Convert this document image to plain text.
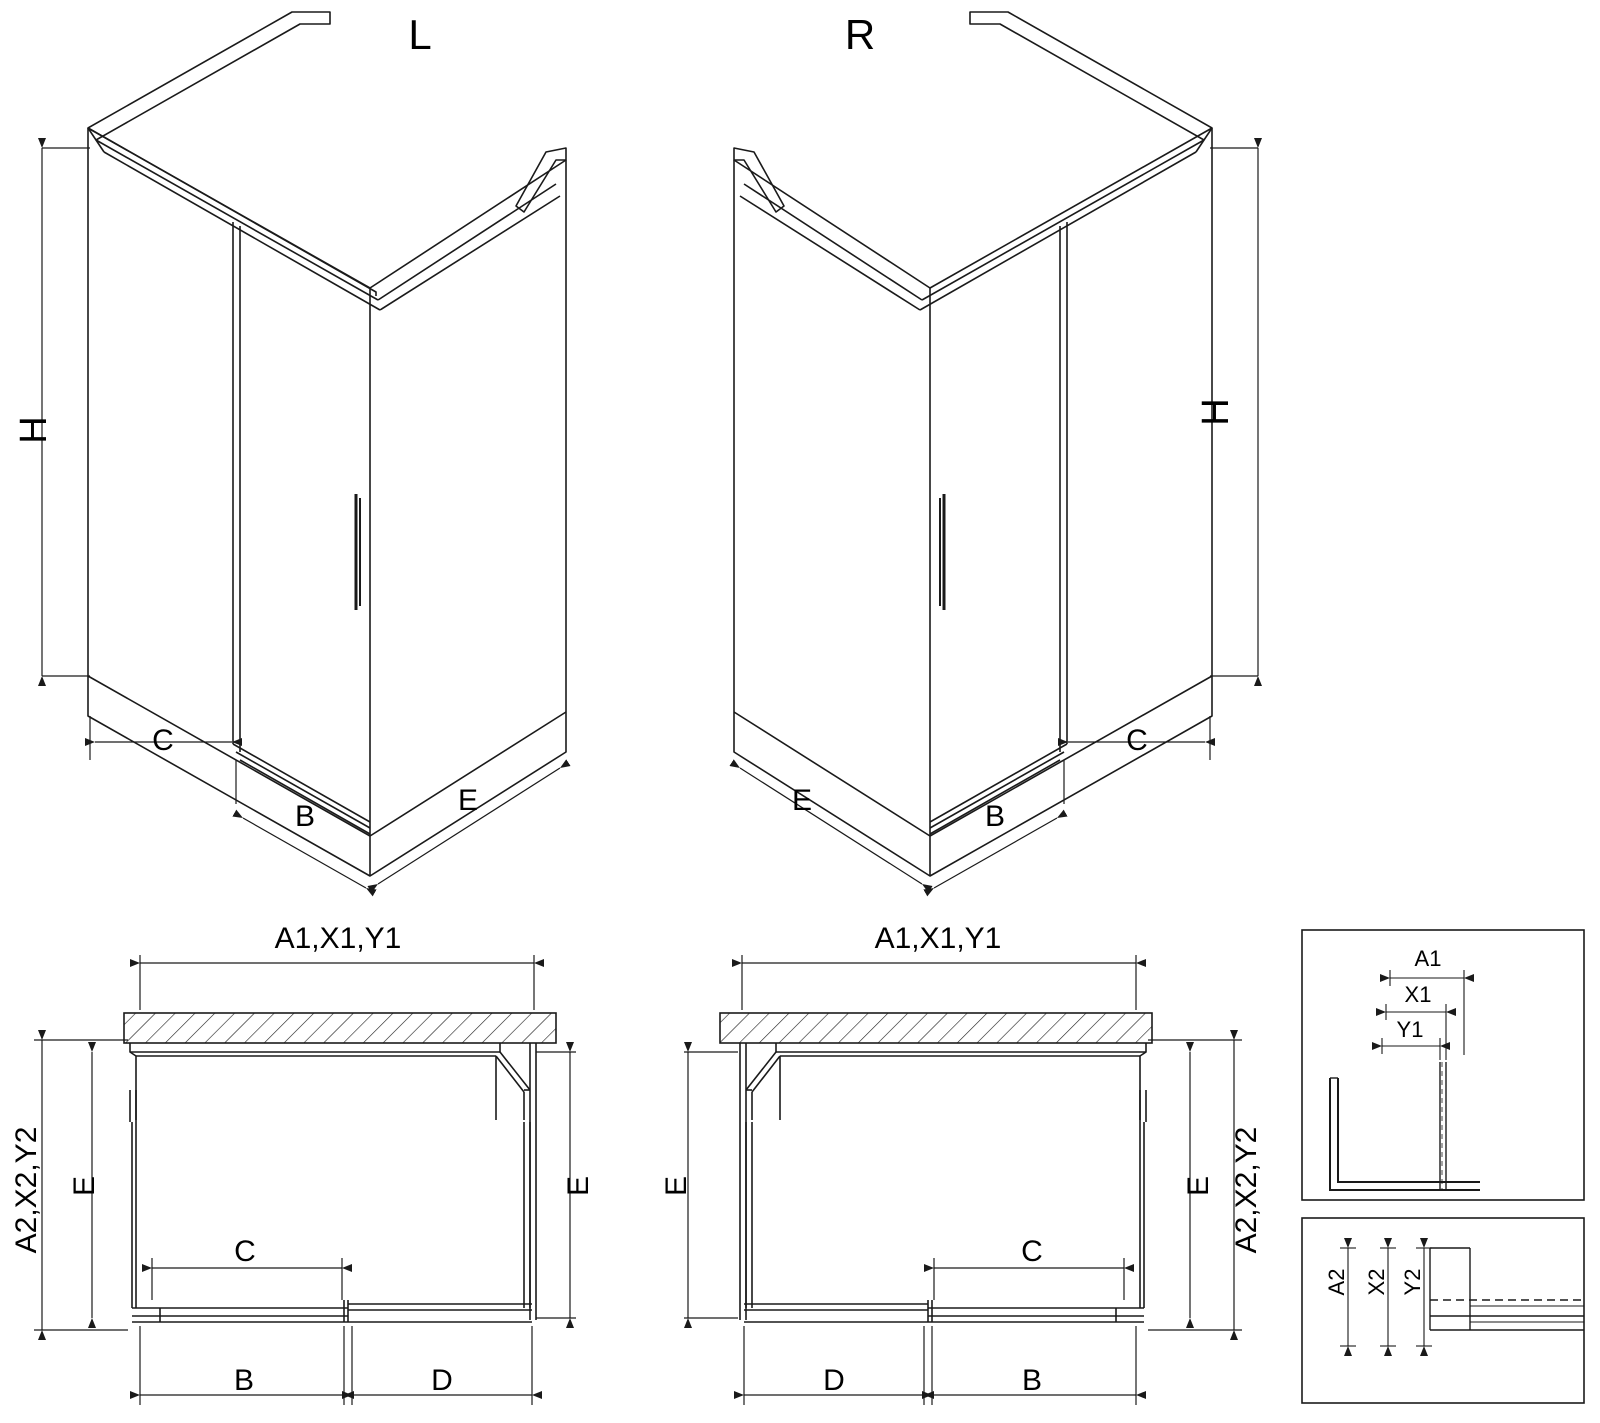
H
C
B	E
L
H
C
B
E
R
A1,X1,Y1
A2,X2,Y2 E	E
C
B	D
A1,X1,Y1
A2,X2,Y2
E	E
C
B
D
A1
X1
Y1
A2 X2 Y2
